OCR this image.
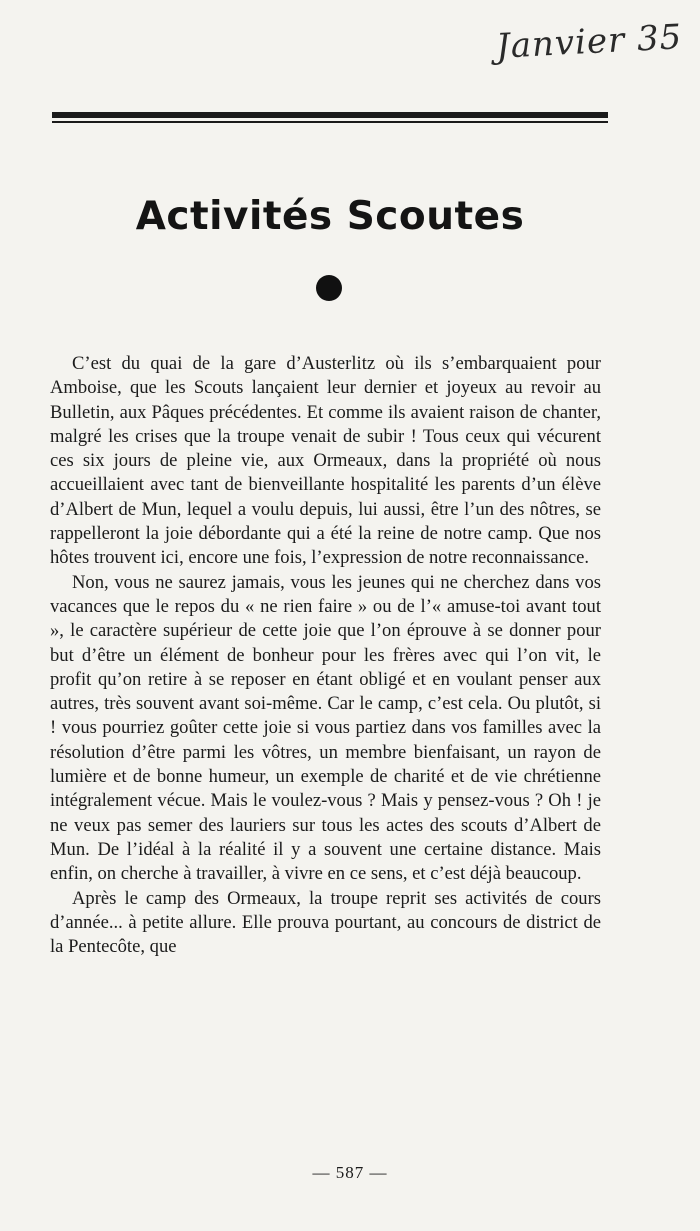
Janvier 35
Activités Scoutes

C’est du quai de la gare d’Austerlitz où ils s’embarquaient pour Amboise, que les Scouts lançaient leur dernier et joyeux au revoir au Bulletin, aux Pâques précédentes. Et comme ils avaient raison de chanter, malgré les crises que la troupe venait de subir ! Tous ceux qui vécurent ces six jours de pleine vie, aux Ormeaux, dans la propriété où nous accueillaient avec tant de bienveillante hospitalité les parents d’un élève d’Albert de Mun, lequel a voulu depuis, lui aussi, être l’un des nôtres, se rappelleront la joie débordante qui a été la reine de notre camp. Que nos hôtes trouvent ici, encore une fois, l’expression de notre reconnaissance.

Non, vous ne saurez jamais, vous les jeunes qui ne cherchez dans vos vacances que le repos du « ne rien faire » ou de l’« amuse-toi avant tout », le caractère supérieur de cette joie que l’on éprouve à se donner pour but d’être un élément de bonheur pour les frères avec qui l’on vit, le profit qu’on retire à se reposer en étant obligé et en voulant penser aux autres, très souvent avant soi-même. Car le camp, c’est cela. Ou plutôt, si ! vous pourriez goûter cette joie si vous partiez dans vos familles avec la résolution d’être parmi les vôtres, un membre bienfaisant, un rayon de lumière et de bonne humeur, un exemple de charité et de vie chrétienne intégralement vécue. Mais le voulez-vous ? Mais y pensez-vous ? Oh ! je ne veux pas semer des lauriers sur tous les actes des scouts d’Albert de Mun. De l’idéal à la réalité il y a souvent une certaine distance. Mais enfin, on cherche à travailler, à vivre en ce sens, et c’est déjà beaucoup.

Après le camp des Ormeaux, la troupe reprit ses activités de cours d’année... à petite allure. Elle prouva pourtant, au concours de district de la Pentecôte, que

— 587 —
